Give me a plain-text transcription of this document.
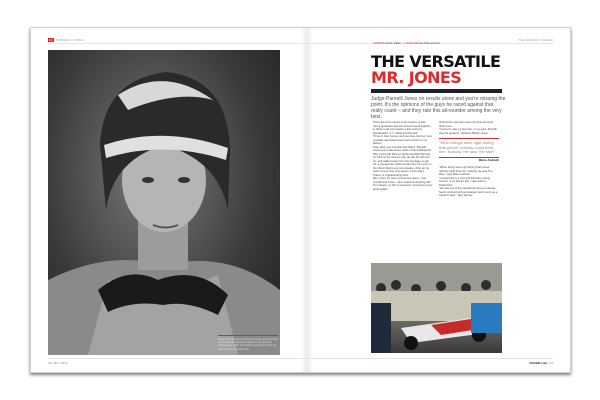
32 PARNELLI JONES	THE RACERS' RACER
Rufus "Parnelli" Jones developed his fine sportsmanship racing sedans in Southern California. He arrived at Indianapolis in 1961 and quickly became one of the top names on the Indy car circuit.
WORDS Robin Miller  |  MAIN IMAGE IMS archive
THE VERSATILE
MR. JONES
Judge Parnelli Jones on results alone and you're missing the point. It's the opinions of the guys he raced against that really count – and they rate this all-rounder among the very best.

There are three names in the lexicon of auto racing greatness that are forever bound together in history and only require a first name for identification: A.J., Mario and Parnelli.

Throw in Dan Gurney and you have the four most versatile, decorated and revered racers in our lifetime.

Now, when you consider that Rufus "Parnelli" Jones only made seven starts in the Indianapolis 500, a tied with Roscoe Sarles and Bob Burman for 53rd on the all-time Indy car win list with just six, and walked away from the big stage at age 34, a younger fan might wonder why he's even in the Mount Rushmore conversation. After all, he wasn't a four-time Indy winner, a Formula 1 champ or a globetrotting hero.

But, in fact, he was a monstrous talent – fast, smooth and smart – who mastered anything with four wheels, on dirt or pavement. And some pretty good judges

think Rufus may have been the best all-round driver ever.

"I know he was my hero but, in my eyes, Parnelli was the greatest," declares Bobby Unser.

"When things were right during that period, nobody could beat him. Nobody. He was The Man"
Mario Andretti

"When things were right during that period, nobody could beat him. Nobody. He was The Man," says Mario Andretti.

"I would rank A.J. first and Parnelli a strong second, if not tied for first," says Johnny Rutherford.

"He was one of the special few who you always had to contend with and always had to work up a sweat to beat," says Gurney.

32 | MAY 2013	RACER.com | 33
